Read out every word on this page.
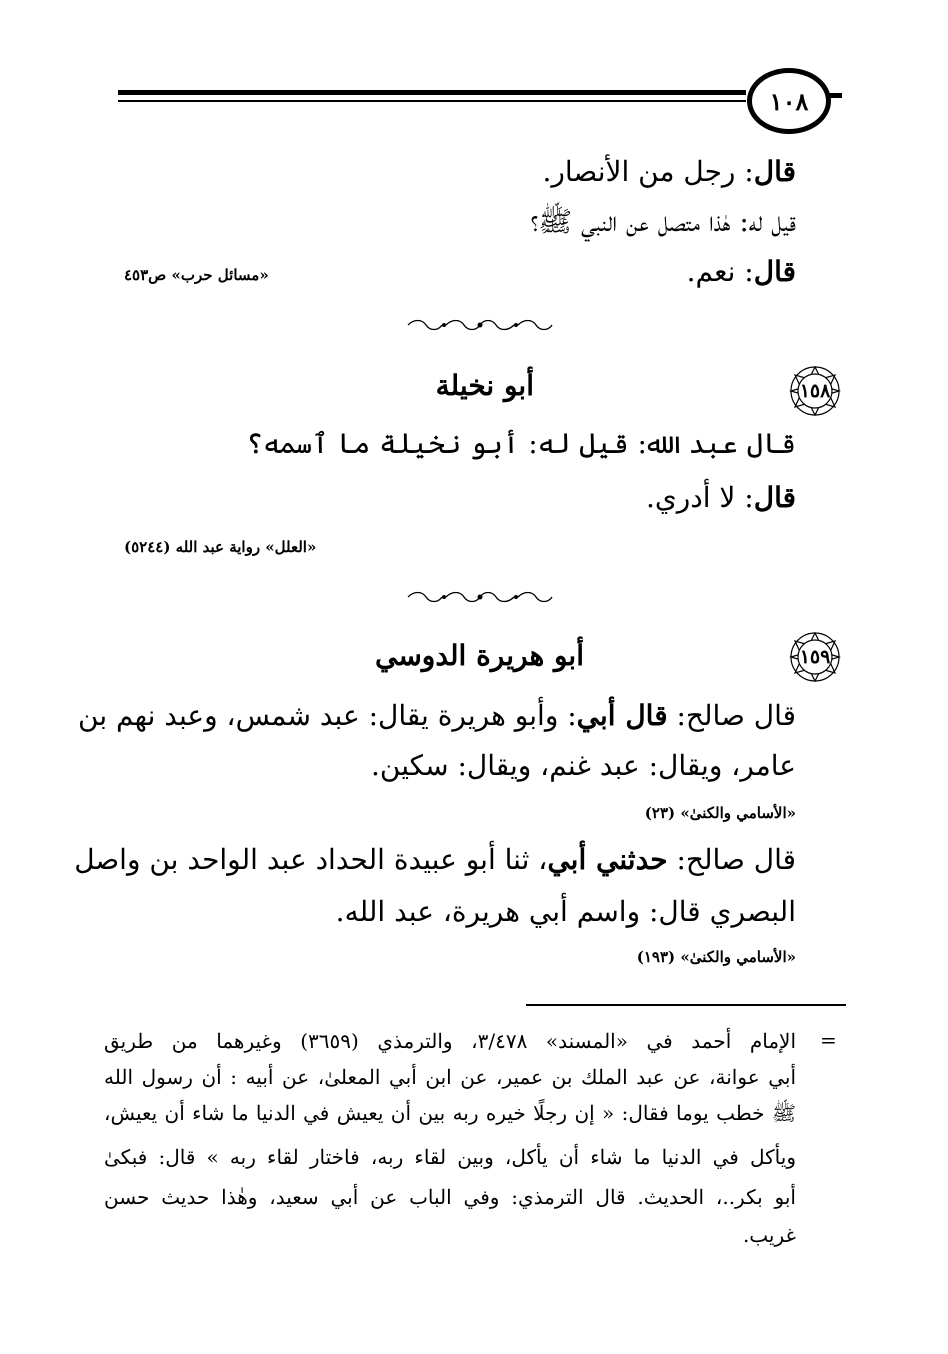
١٠٨
قال: رجل من الأنصار.
قيل له: هٰذا متصل عن النبي ﷺ؟
قال: نعم.
«مسائل حرب» ص٤٥٣
١٥٨
أبو نخيلة
قال عبد الله: قيل له: أبو نخيلة ما ٱسمه؟
قال: لا أدري.
«العلل» رواية عبد الله (٥٢٤٤)
١٥٩
أبو هريرة الدوسي
قال صالح: قال أبي: وأبو هريرة يقال: عبد شمس، وعبد نهم بن
عامر، ويقال: عبد غنم، ويقال: سكين.
«الأسامي والكنىٰ» (٢٣)
قال صالح: حدثني أبي، ثنا أبو عبيدة الحداد عبد الواحد بن واصل
البصري قال: واسم أبي هريرة، عبد الله.
«الأسامي والكنىٰ» (١٩٣)
=
الإمام أحمد في «المسند» ٣/٤٧٨، والترمذي (٣٦٥٩) وغيرهما من طريق
أبي عوانة، عن عبد الملك بن عمير، عن ابن أبي المعلىٰ، عن أبيه : أن رسول الله
ﷺ خطب يوما فقال: « إن رجلًا خيره ربه بين أن يعيش في الدنيا ما شاء أن يعيش،
ويأكل في الدنيا ما شاء أن يأكل، وبين لقاء ربه، فاختار لقاء ربه » قال: فبكىٰ
أبو بكر..، الحديث. قال الترمذي: وفي الباب عن أبي سعيد، وهٰذا حديث حسن
غريب.
